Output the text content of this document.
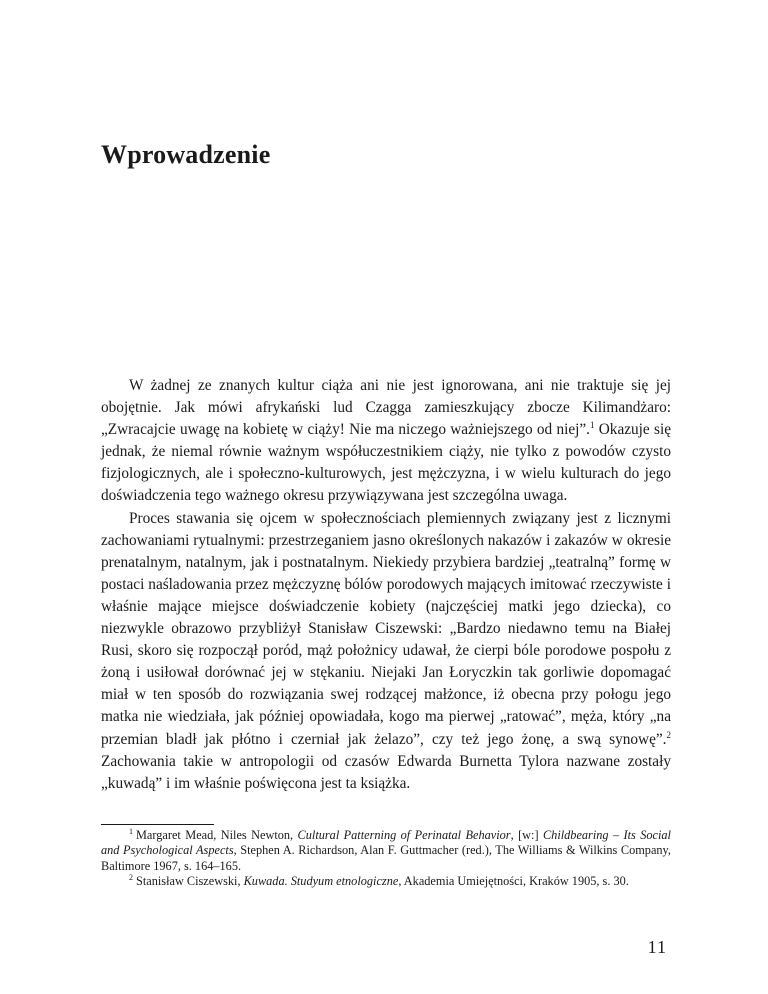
Wprowadzenie

W żadnej ze znanych kultur ciąża ani nie jest ignorowana, ani nie traktuje się jej obojętnie. Jak mówi afrykański lud Czagga zamieszkujący zbocze Kilimandżaro: „Zwracajcie uwagę na kobietę w ciąży! Nie ma niczego ważniejszego od niej”.$^1$ Okazuje się jednak, że niemal równie ważnym współuczestnikiem ciąży, nie tylko z powodów czysto fizjologicznych, ale i społeczno-kulturowych, jest mężczyzna, i w wielu kulturach do jego doświadczenia tego ważnego okresu przywiązywana jest szczególna uwaga.

Proces stawania się ojcem w społecznościach plemiennych związany jest z licznymi zachowaniami rytualnymi: przestrzeganiem jasno określonych nakazów i zakazów w okresie prenatalnym, natalnym, jak i postnatalnym. Niekiedy przybiera bardziej „teatralną” formę w postaci naśladowania przez mężczyznę bólów porodowych mających imitować rzeczywiste i właśnie mające miejsce doświadczenie kobiety (najczęściej matki jego dziecka), co niezwykle obrazowo przybliżył Stanisław Ciszewski: „Bardzo niedawno temu na Białej Rusi, skoro się rozpoczął poród, mąż położnicy udawał, że cierpi bóle porodowe pospołu z żoną i usiłował dorównać jej w stękaniu. Niejaki Jan Łoryczkin tak gorliwie dopomagać miał w ten sposób do rozwiązania swej rodzącej małżonce, iż obecna przy połogu jego matka nie wiedziała, jak później opowiadała, kogo ma pierwej „ratować”, męża, który „na przemian bladł jak płótno i czerniał jak żelazo”, czy też jego żonę, a swą synowę”.$^2$ Zachowania takie w antropologii od czasów Edwarda Burnetta Tylora nazwane zostały „kuwadą” i im właśnie poświęcona jest ta książka.

$^1$ Margaret Mead, Niles Newton, Cultural Patterning of Perinatal Behavior, [w:] Childbearing – Its Social and Psychological Aspects, Stephen A. Richardson, Alan F. Guttmacher (red.), The Williams & Wilkins Company, Baltimore 1967, s. 164–165.

$^2$ Stanisław Ciszewski, Kuwada. Studyum etnologiczne, Akademia Umiejętności, Kraków 1905, s. 30.

11
